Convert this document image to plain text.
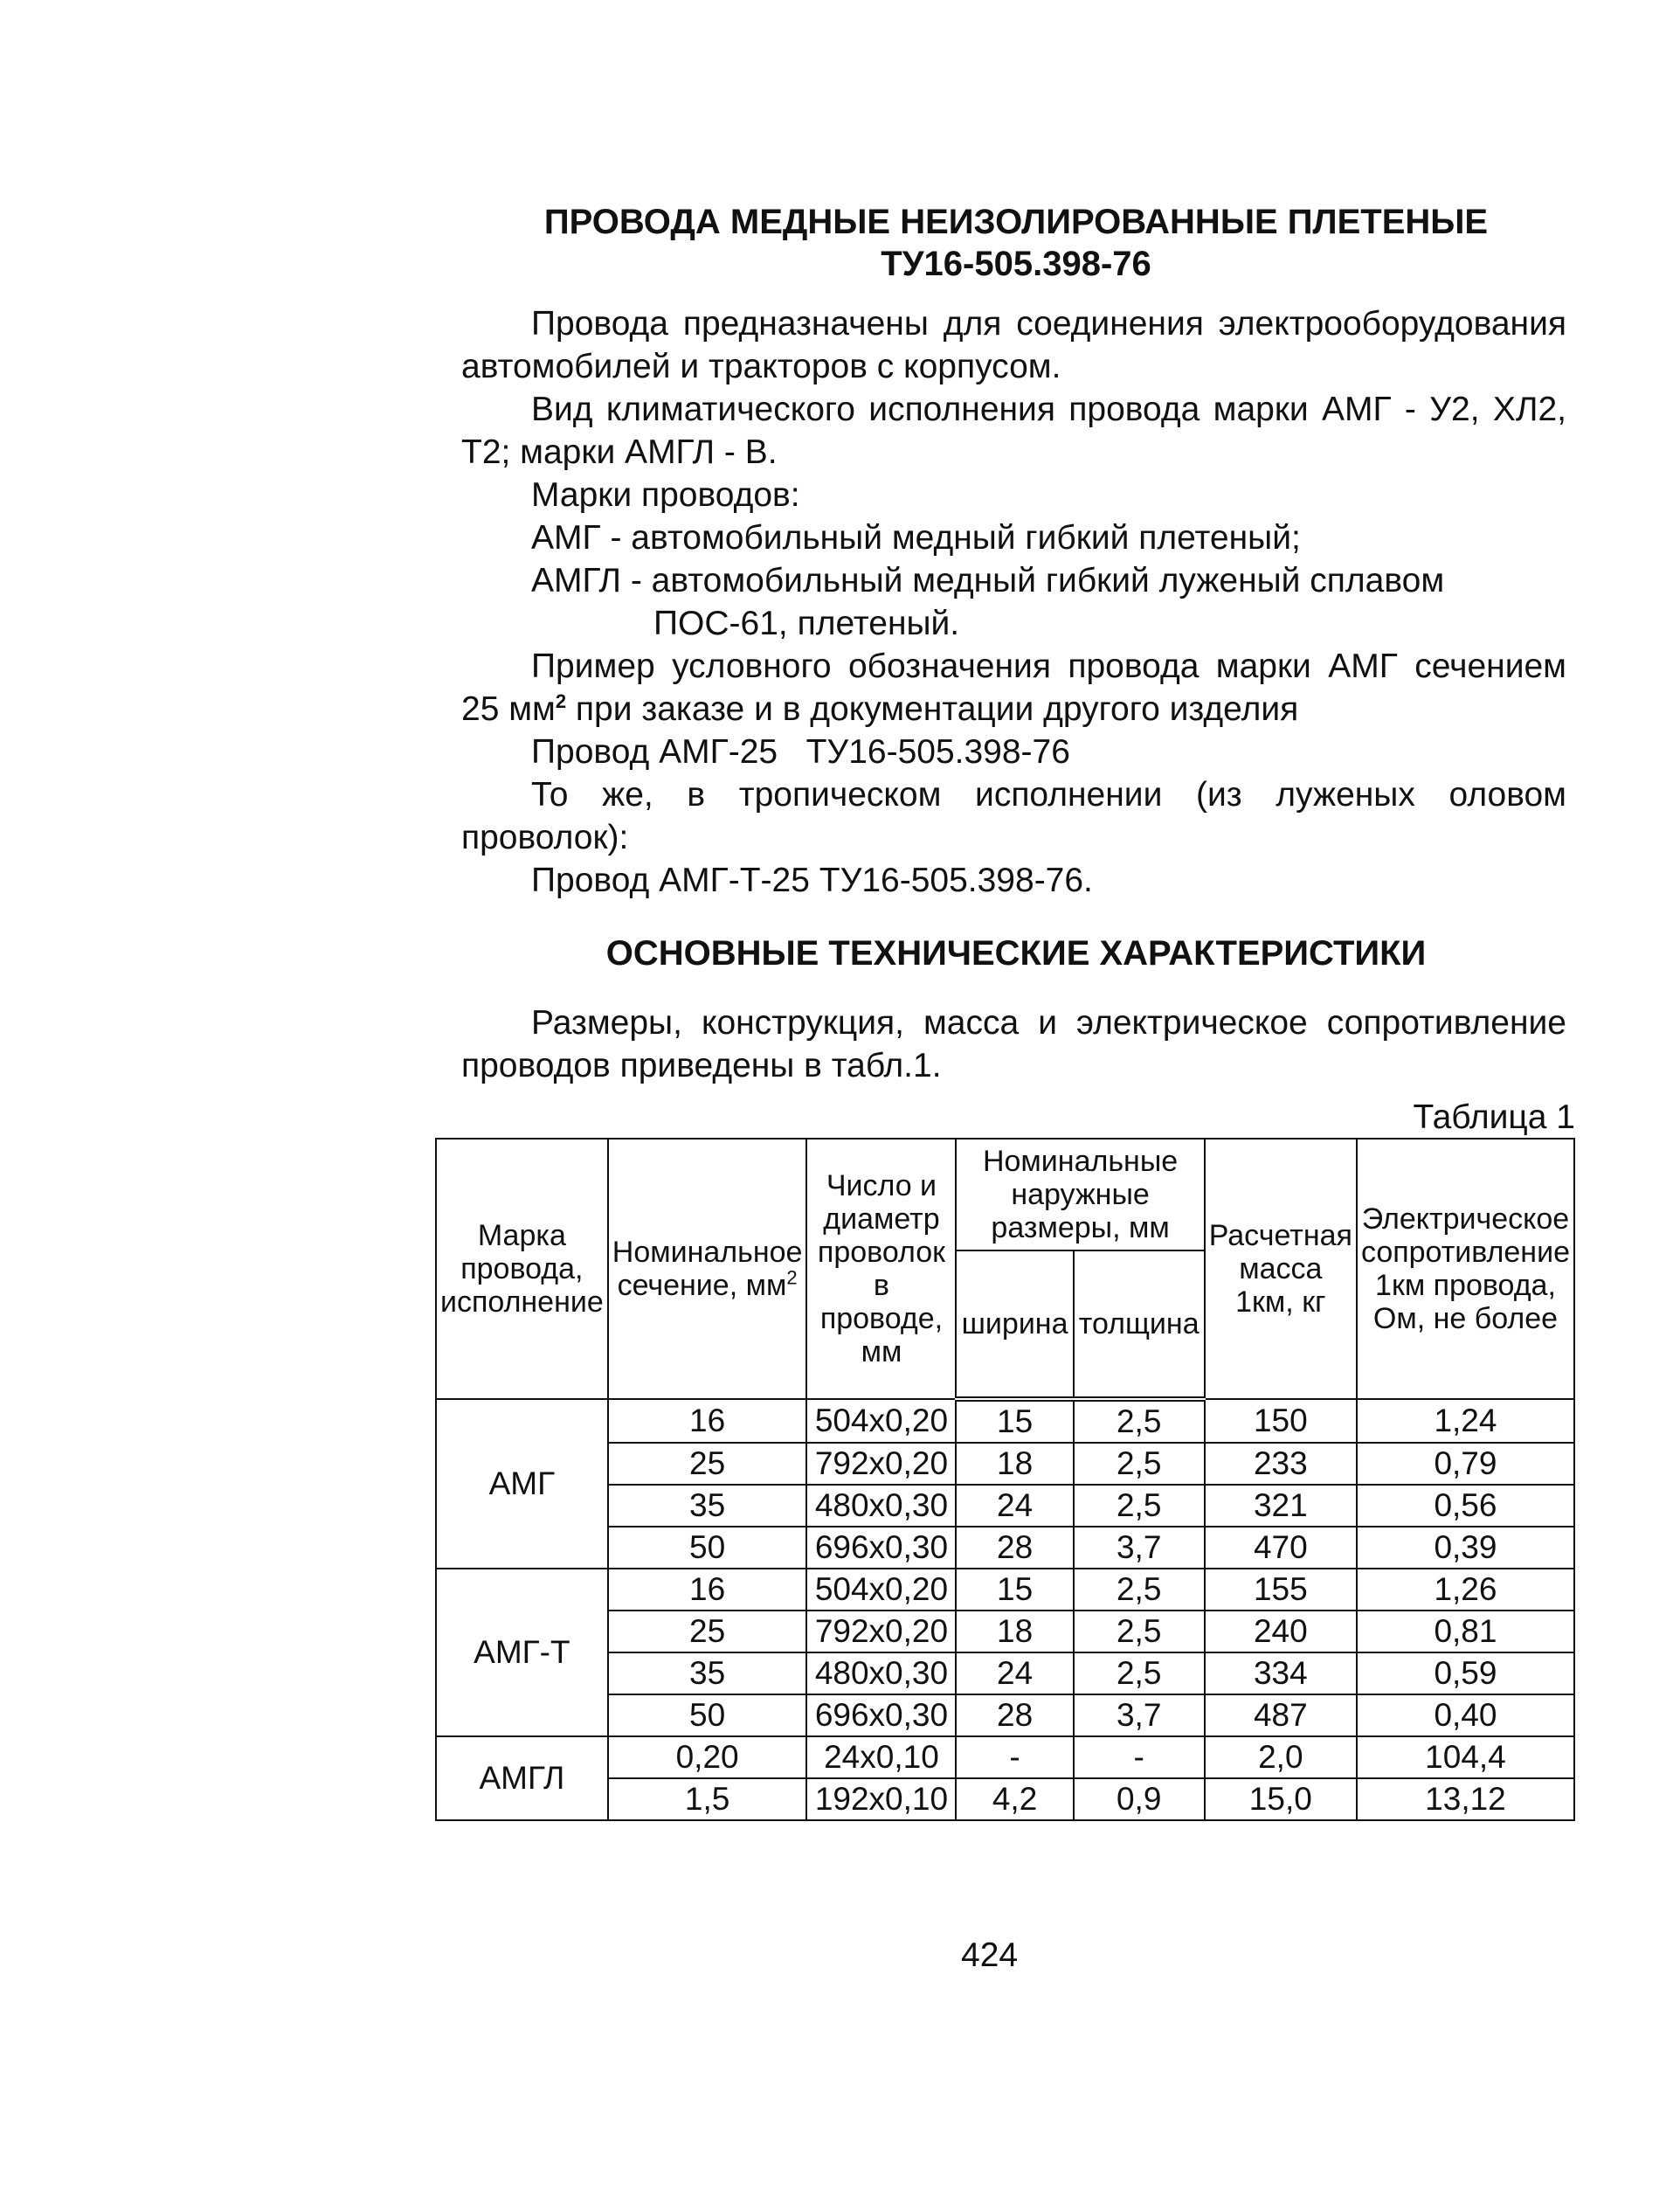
ПРОВОДА МЕДНЫЕ НЕИЗОЛИРОВАННЫЕ ПЛЕТЕНЫЕ
ТУ16-505.398-76

Провода предназначены для соединения электрооборудования автомобилей и тракторов с корпусом.

Вид климатического исполнения провода марки АМГ - У2, ХЛ2, Т2; марки АМГЛ - В.

Марки проводов:

АМГ - автомобильный медный гибкий плетеный;

АМГЛ - автомобильный медный гибкий луженый сплавом

ПОС-61, плетеный.

Пример условного обозначения провода марки АМГ сечением 25 $мм^2$ при заказе и в документации другого изделия

Провод АМГ-25   ТУ16-505.398-76

То же, в тропическом исполнении (из луженых оловом проволок):

Провод АМГ-Т-25 ТУ16-505.398-76.

ОСНОВНЫЕ ТЕХНИЧЕСКИЕ ХАРАКТЕРИСТИКИ

Размеры, конструкция, масса и электрическое сопротивление проводов приведены в табл.1.

Таблица 1
Марка провода, исполнение	Номинальное сечение, $мм^2$	Число и диаметр проволок в проводе, мм	Номинальные наружные размеры, мм		Расчетная масса 1км, кг	Электрическое сопротивление 1км провода, Ом, не более
			ширина	толщина		
АМГ	16	504x0,20	15	2,5	150	1,24
	25	792x0,20	18	2,5	233	0,79
	35	480x0,30	24	2,5	321	0,56
	50	696x0,30	28	3,7	470	0,39
АМГ-Т	16	504x0,20	15	2,5	155	1,26
	25	792x0,20	18	2,5	240	0,81
	35	480x0,30	24	2,5	334	0,59
	50	696x0,30	28	3,7	487	0,40
АМГЛ	0,20	24x0,10	-	-	2,0	104,4
	1,5	192x0,10	4,2	0,9	15,0	13,12
424
